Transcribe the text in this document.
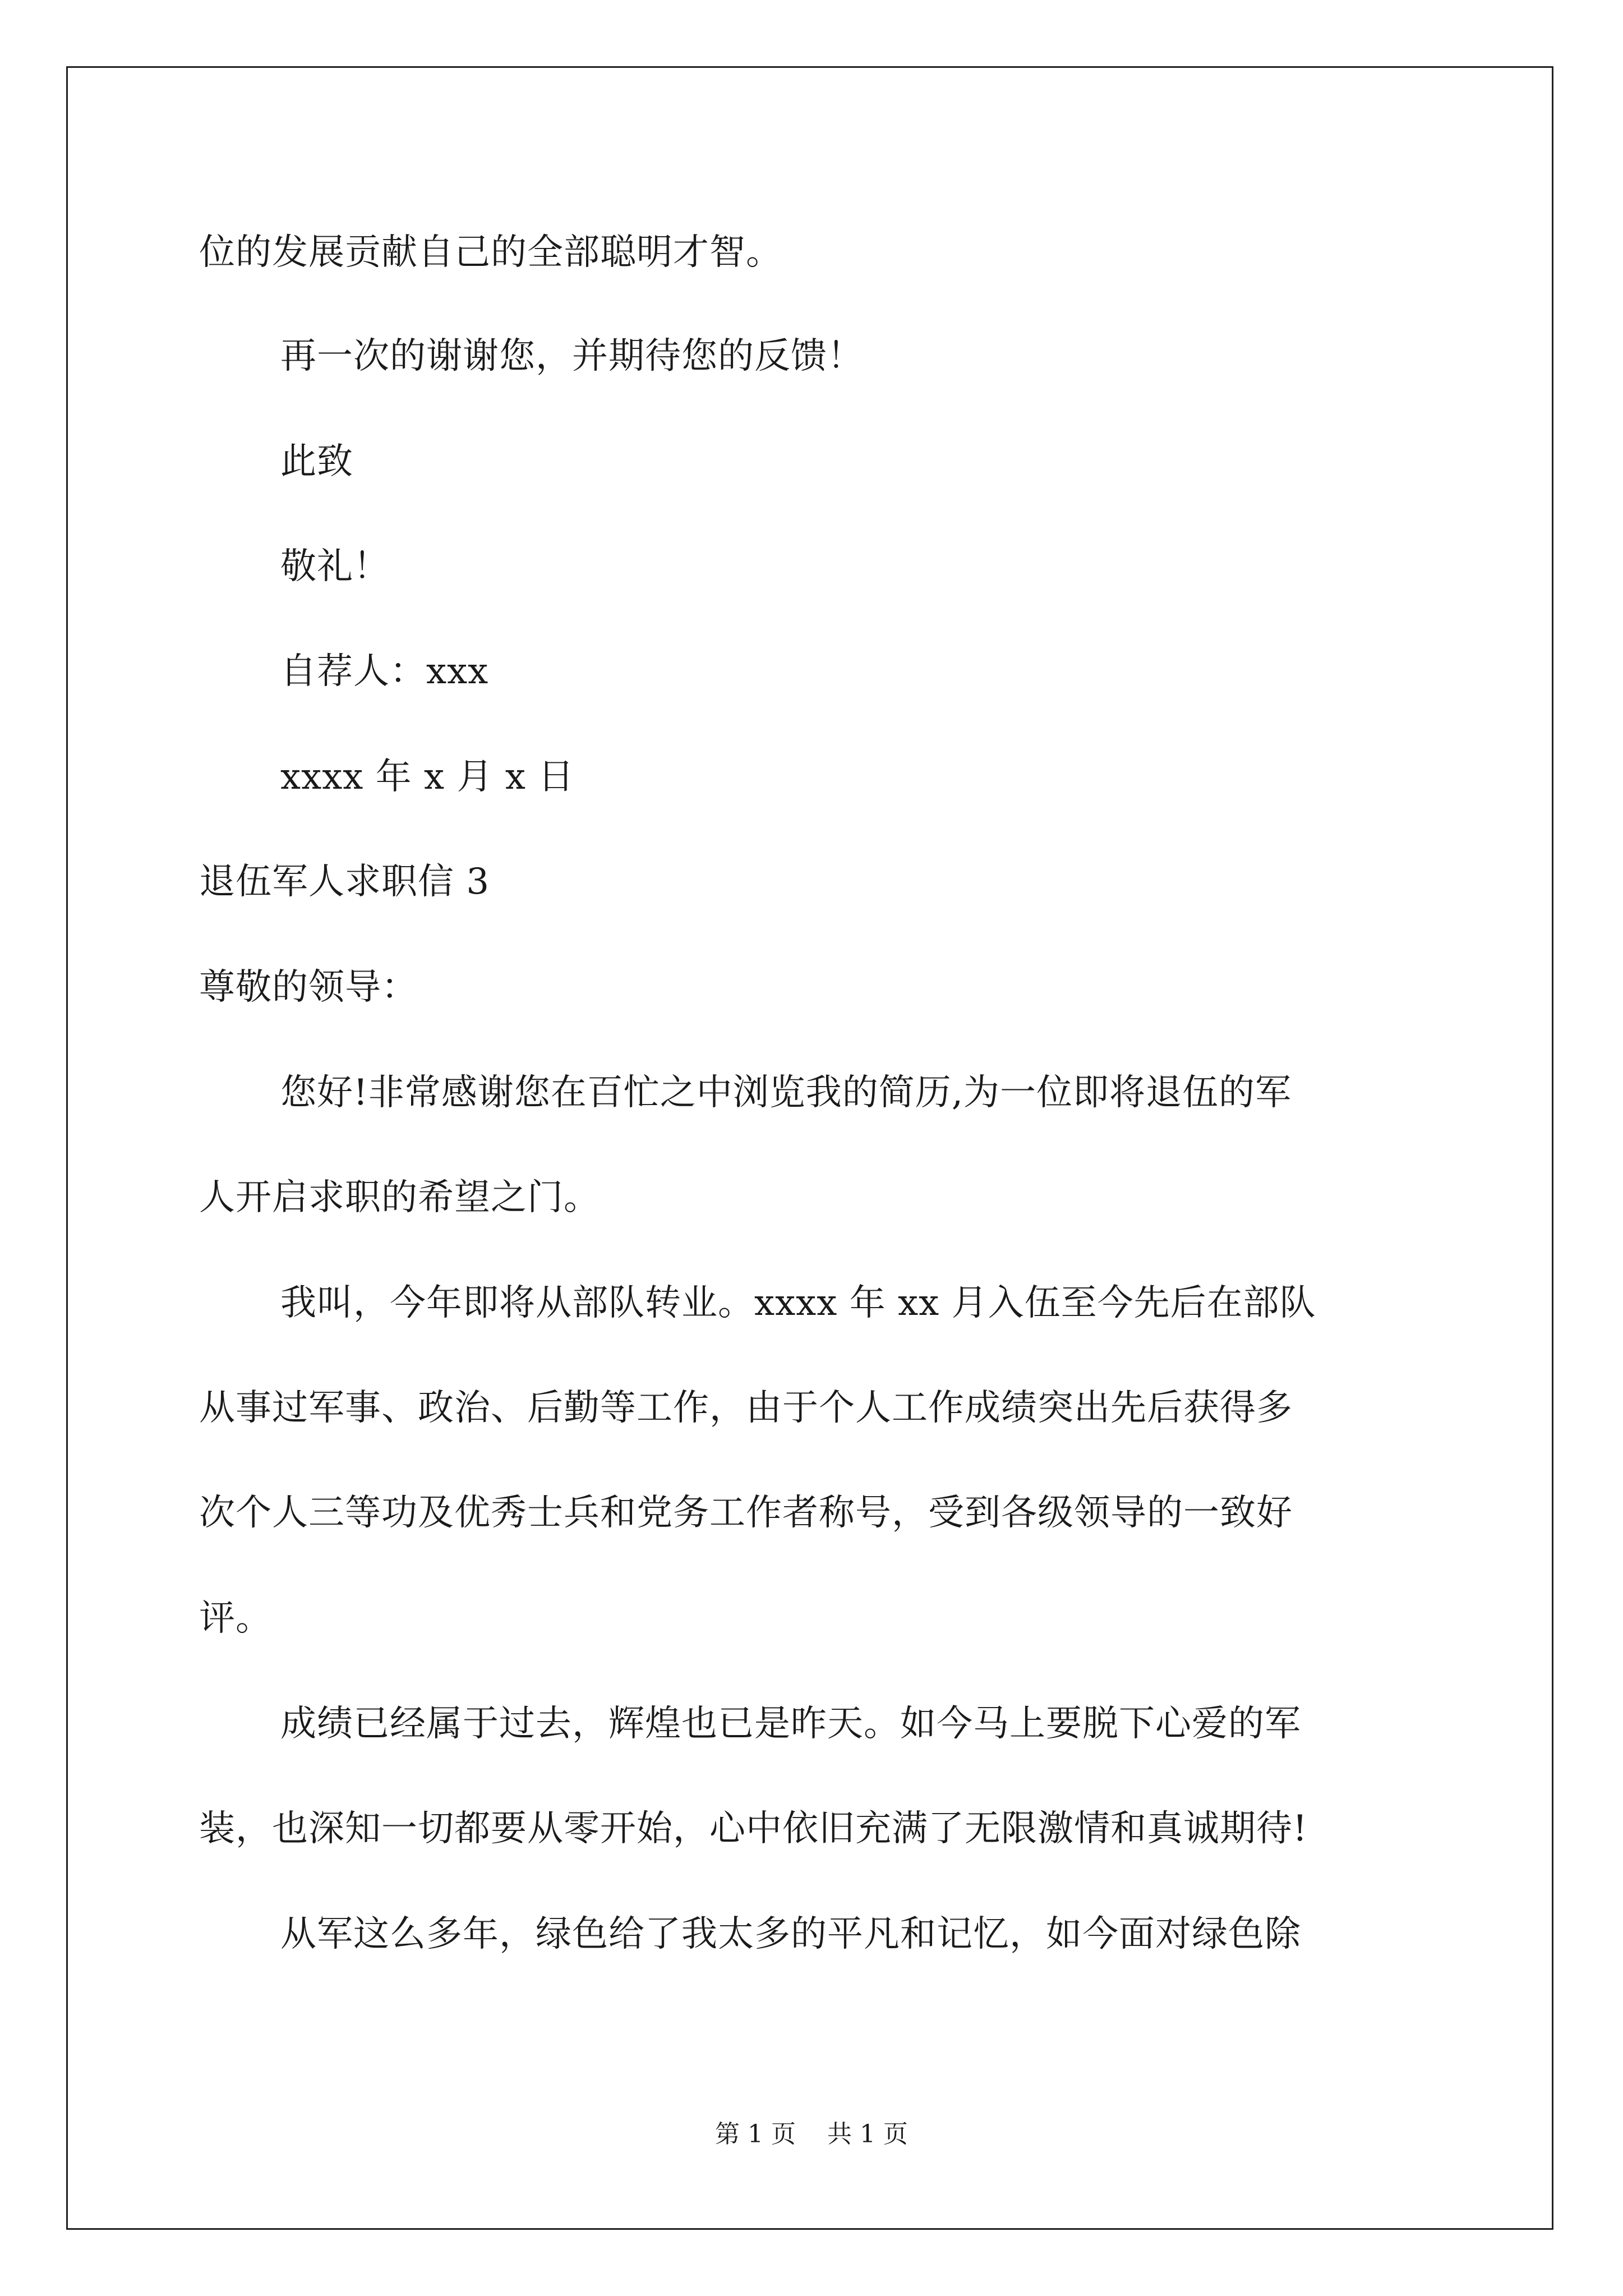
位的发展贡献自己的全部聪明才智。
再一次的谢谢您，并期待您的反馈！
此致
敬礼！
自荐人：xxx
xxxx 年 x 月 x 日
退伍军人求职信 3
尊敬的领导：
您好!非常感谢您在百忙之中浏览我的简历,为一位即将退伍的军
人开启求职的希望之门。
我叫，今年即将从部队转业。xxxx 年 xx 月入伍至今先后在部队
从事过军事、政治、后勤等工作，由于个人工作成绩突出先后获得多
次个人三等功及优秀士兵和党务工作者称号，受到各级领导的一致好
评。
成绩已经属于过去，辉煌也已是昨天。如今马上要脱下心爱的军
装，也深知一切都要从零开始，心中依旧充满了无限激情和真诚期待!
从军这么多年，绿色给了我太多的平凡和记忆，如今面对绿色除
第 1 页    共 1 页
